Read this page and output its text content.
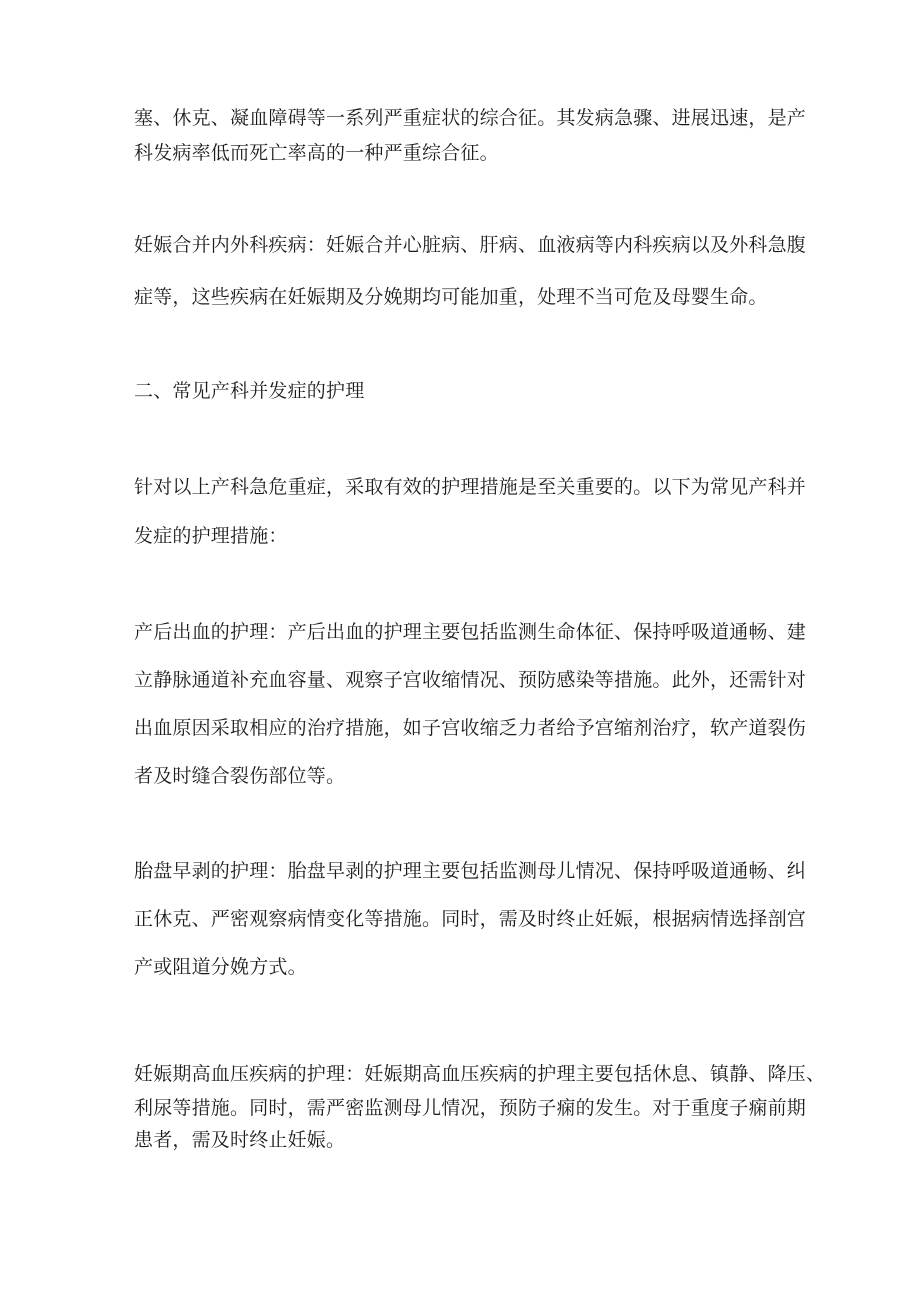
塞、休克、凝血障碍等一系列严重症状的综合征。其发病急骤、进展迅速，是产
科发病率低而死亡率高的一种严重综合征。
妊娠合并内外科疾病：妊娠合并心脏病、肝病、血液病等内科疾病以及外科急腹
症等，这些疾病在妊娠期及分娩期均可能加重，处理不当可危及母婴生命。
二、常见产科并发症的护理
针对以上产科急危重症，采取有效的护理措施是至关重要的。以下为常见产科并
发症的护理措施：
产后出血的护理：产后出血的护理主要包括监测生命体征、保持呼吸道通畅、建
立静脉通道补充血容量、观察子宫收缩情况、预防感染等措施。此外，还需针对
出血原因采取相应的治疗措施，如子宫收缩乏力者给予宫缩剂治疗，软产道裂伤
者及时缝合裂伤部位等。
胎盘早剥的护理：胎盘早剥的护理主要包括监测母儿情况、保持呼吸道通畅、纠
正休克、严密观察病情变化等措施。同时，需及时终止妊娠，根据病情选择剖宫
产或阻道分娩方式。
妊娠期高血压疾病的护理：妊娠期高血压疾病的护理主要包括休息、镇静、降压、
利尿等措施。同时，需严密监测母儿情况，预防子痫的发生。对于重度子痫前期
患者，需及时终止妊娠。
